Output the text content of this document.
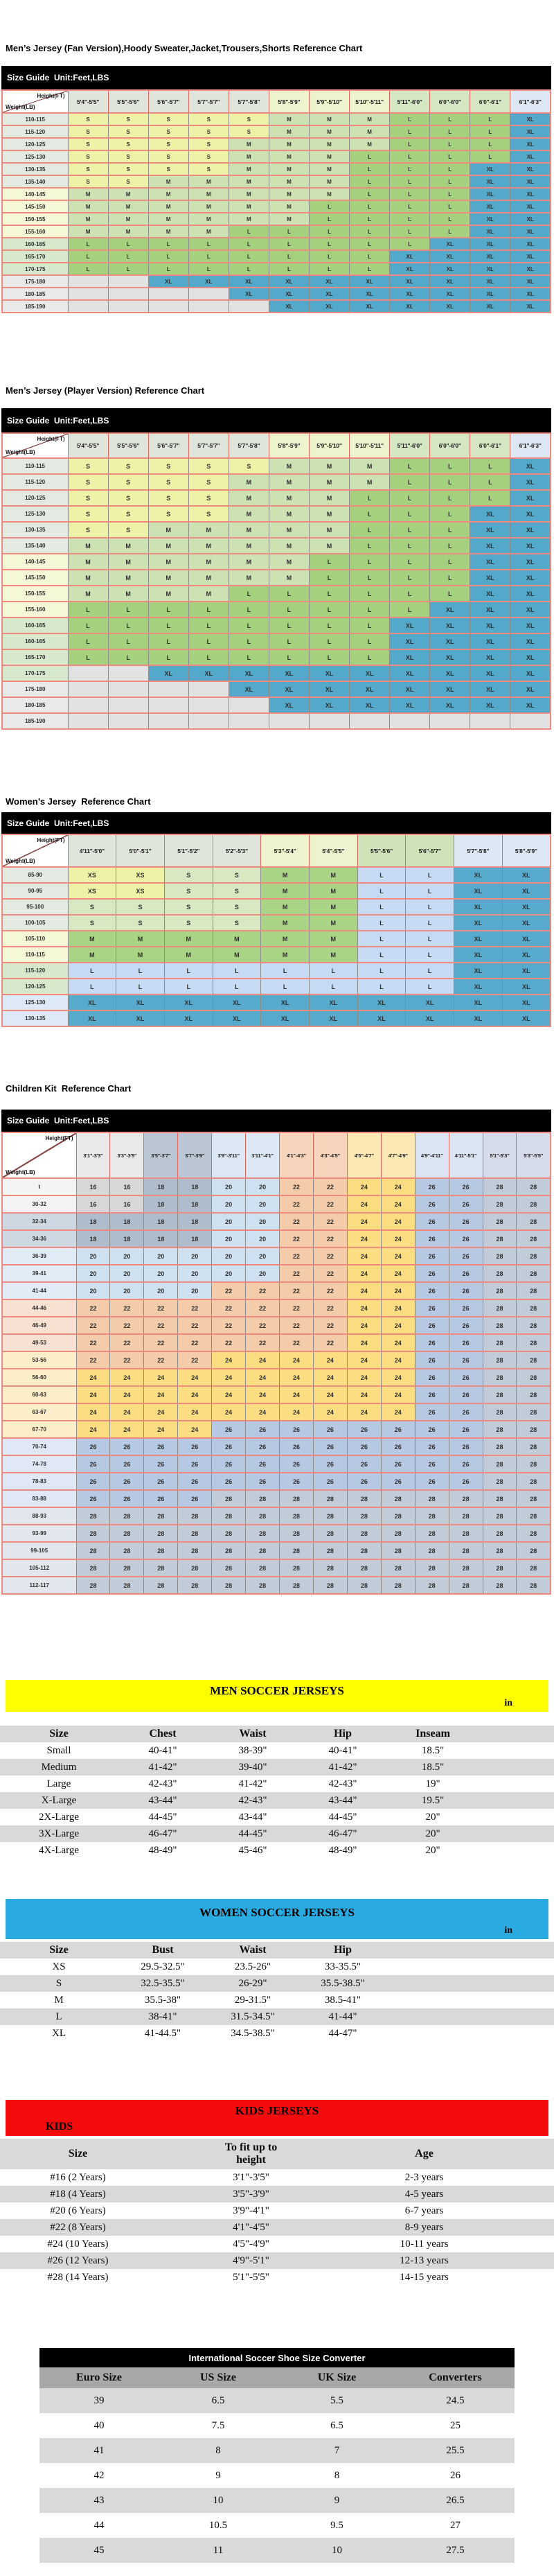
Men’s Jersey (Fan Version),Hoody Sweater,Jacket,Trousers,Shorts Reference Chart
Size Guide  Unit:Feet,LBS
Height(FT)
Weight(LB)	5'4"-5'5"	5'5"-5'6"	5'6"-5'7"	5'7"-5'7"	5'7"-5'8"	5'8"-5'9"	5'9"-5'10"	5'10"-5'11"	5'11"-6'0"	6'0"-6'0"	6'0"-6'1"	6'1"-6'3"
110-115	S	S	S	S	S	M	M	M	L	L	L	XL
115-120	S	S	S	S	S	M	M	M	L	L	L	XL
120-125	S	S	S	S	M	M	M	M	L	L	L	XL
125-130	S	S	S	S	M	M	M	L	L	L	L	XL
130-135	S	S	S	S	M	M	M	L	L	L	XL	XL
135-140	S	S	M	M	M	M	M	L	L	L	XL	XL
140-145	M	M	M	M	M	M	M	L	L	L	XL	XL
145-150	M	M	M	M	M	M	L	L	L	L	XL	XL
150-155	M	M	M	M	M	M	L	L	L	L	XL	XL
155-160	M	M	M	M	L	L	L	L	L	L	XL	XL
160-165	L	L	L	L	L	L	L	L	L	XL	XL	XL
165-170	L	L	L	L	L	L	L	L	XL	XL	XL	XL
170-175	L	L	L	L	L	L	L	L	XL	XL	XL	XL
175-180			XL	XL	XL	XL	XL	XL	XL	XL	XL	XL
180-185					XL	XL	XL	XL	XL	XL	XL	XL
185-190						XL	XL	XL	XL	XL	XL	XL
Men’s Jersey (Player Version) Reference Chart
Size Guide  Unit:Feet,LBS
Height(FT)
Weight(LB)	5'4"-5'5"	5'5"-5'6"	5'6"-5'7"	5'7"-5'7"	5'7"-5'8"	5'8"-5'9"	5'9"-5'10"	5'10"-5'11"	5'11"-6'0"	6'0"-6'0"	6'0"-6'1"	6'1"-6'3"
110-115	S	S	S	S	S	M	M	M	L	L	L	XL
115-120	S	S	S	S	M	M	M	M	L	L	L	XL
120-125	S	S	S	S	M	M	M	L	L	L	L	XL
125-130	S	S	S	S	M	M	M	L	L	L	XL	XL
130-135	S	S	M	M	M	M	M	L	L	L	XL	XL
135-140	M	M	M	M	M	M	M	L	L	L	XL	XL
140-145	M	M	M	M	M	M	L	L	L	L	XL	XL
145-150	M	M	M	M	M	M	L	L	L	L	XL	XL
150-155	M	M	M	M	L	L	L	L	L	L	XL	XL
155-160	L	L	L	L	L	L	L	L	L	XL	XL	XL
160-165	L	L	L	L	L	L	L	L	XL	XL	XL	XL
160-165	L	L	L	L	L	L	L	L	XL	XL	XL	XL
165-170	L	L	L	L	L	L	L	L	XL	XL	XL	XL
170-175			XL	XL	XL	XL	XL	XL	XL	XL	XL	XL
175-180					XL	XL	XL	XL	XL	XL	XL	XL
180-185						XL	XL	XL	XL	XL	XL	XL
185-190												
Women’s Jersey  Reference Chart
Size Guide  Unit:Feet,LBS
Height(FT)
Weight(LB)	4'11"-5'0"	5'0"-5'1"	5'1"-5'2"	5'2"-5'3"	5'3"-5'4"	5'4"-5'5"	5'5"-5'6"	5'6"-5'7"	5'7"-5'8"	5'8"-5'9"
85-90	XS	XS	S	S	M	M	L	L	XL	XL
90-95	XS	XS	S	S	M	M	L	L	XL	XL
95-100	S	S	S	S	M	M	L	L	XL	XL
100-105	S	S	S	S	M	M	L	L	XL	XL
105-110	M	M	M	M	M	M	L	L	XL	XL
110-115	M	M	M	M	M	M	L	L	XL	XL
115-120	L	L	L	L	L	L	L	L	XL	XL
120-125	L	L	L	L	L	L	L	L	XL	XL
125-130	XL	XL	XL	XL	XL	XL	XL	XL	XL	XL
130-135	XL	XL	XL	XL	XL	XL	XL	XL	XL	XL
Children Kit  Reference Chart
Size Guide  Unit:Feet,LBS
Height(FT)
Weight(LB)	3'1"-3'3"	3'3"-3'5"	3'5"-3'7"	3'7"-3'9"	3'9"-3'11"	3'11"-4'1"	4'1"-4'3"	4'3"-4'5"	4'5"-4'7"	4'7"-4'9"	4'9"-4'11"	4'11"-5'1"	5'1"-5'3"	5'3"-5'5"
t	16	16	18	18	20	20	22	22	24	24	26	26	28	28
30-32	16	16	18	18	20	20	22	22	24	24	26	26	28	28
32-34	18	18	18	18	20	20	22	22	24	24	26	26	28	28
34-36	18	18	18	18	20	20	22	22	24	24	26	26	28	28
36-39	20	20	20	20	20	20	22	22	24	24	26	26	28	28
39-41	20	20	20	20	20	20	22	22	24	24	26	26	28	28
41-44	20	20	20	20	22	22	22	22	24	24	26	26	28	28
44-46	22	22	22	22	22	22	22	22	24	24	26	26	28	28
46-49	22	22	22	22	22	22	22	22	24	24	26	26	28	28
49-53	22	22	22	22	22	22	22	22	24	24	26	26	28	28
53-56	22	22	22	22	24	24	24	24	24	24	26	26	28	28
56-60	24	24	24	24	24	24	24	24	24	24	26	26	28	28
60-63	24	24	24	24	24	24	24	24	24	24	26	26	28	28
63-67	24	24	24	24	24	24	24	24	24	24	26	26	28	28
67-70	24	24	24	24	26	26	26	26	26	26	26	26	28	28
70-74	26	26	26	26	26	26	26	26	26	26	26	26	28	28
74-78	26	26	26	26	26	26	26	26	26	26	26	26	28	28
78-83	26	26	26	26	26	26	26	26	26	26	26	26	28	28
83-88	26	26	26	26	28	28	28	28	28	28	28	28	28	28
88-93	28	28	28	28	28	28	28	28	28	28	28	28	28	28
93-99	28	28	28	28	28	28	28	28	28	28	28	28	28	28
99-105	28	28	28	28	28	28	28	28	28	28	28	28	28	28
105-112	28	28	28	28	28	28	28	28	28	28	28	28	28	28
112-117	28	28	28	28	28	28	28	28	28	28	28	28	28	28
MEN SOCCER JERSEYS
in
Size	Chest	Waist	Hip	Inseam	
Small	40-41"	38-39"	40-41"	18.5"	
Medium	41-42"	39-40"	41-42"	18.5"	
Large	42-43"	41-42"	42-43"	19"	
X-Large	43-44"	42-43"	43-44"	19.5"	
2X-Large	44-45"	43-44"	44-45"	20"	
3X-Large	46-47"	44-45"	46-47"	20"	
4X-Large	48-49"	45-46"	48-49"	20"	
WOMEN SOCCER JERSEYS
in
Size	Bust	Waist	Hip	
XS	29.5-32.5"	23.5-26"	33-35.5"	
S	32.5-35.5"	26-29"	35.5-38.5"	
M	35.5-38"	29-31.5"	38.5-41"	
L	38-41"	31.5-34.5"	41-44"	
XL	41-44.5"	34.5-38.5"	44-47"	
KIDS JERSEYS
KIDS
Size	To fit up to height	Age	
#16 (2 Years)	3'1"-3'5"	2-3 years	
#18 (4 Years)	3'5"-3'9"	4-5 years	
#20 (6 Years)	3'9"-4'1"	6-7 years	
#22 (8 Years)	4'1"-4'5"	8-9 years	
#24 (10 Years)	4'5"-4'9"	10-11 years	
#26 (12 Years)	4'9"-5'1"	12-13 years	
#28 (14 Years)	5'1"-5'5"	14-15 years	
International Soccer Shoe Size Converter
Euro Size	US Size	UK Size	Converters
39	6.5	5.5	24.5
40	7.5	6.5	25
41	8	7	25.5
42	9	8	26
43	10	9	26.5
44	10.5	9.5	27
45	11	10	27.5
